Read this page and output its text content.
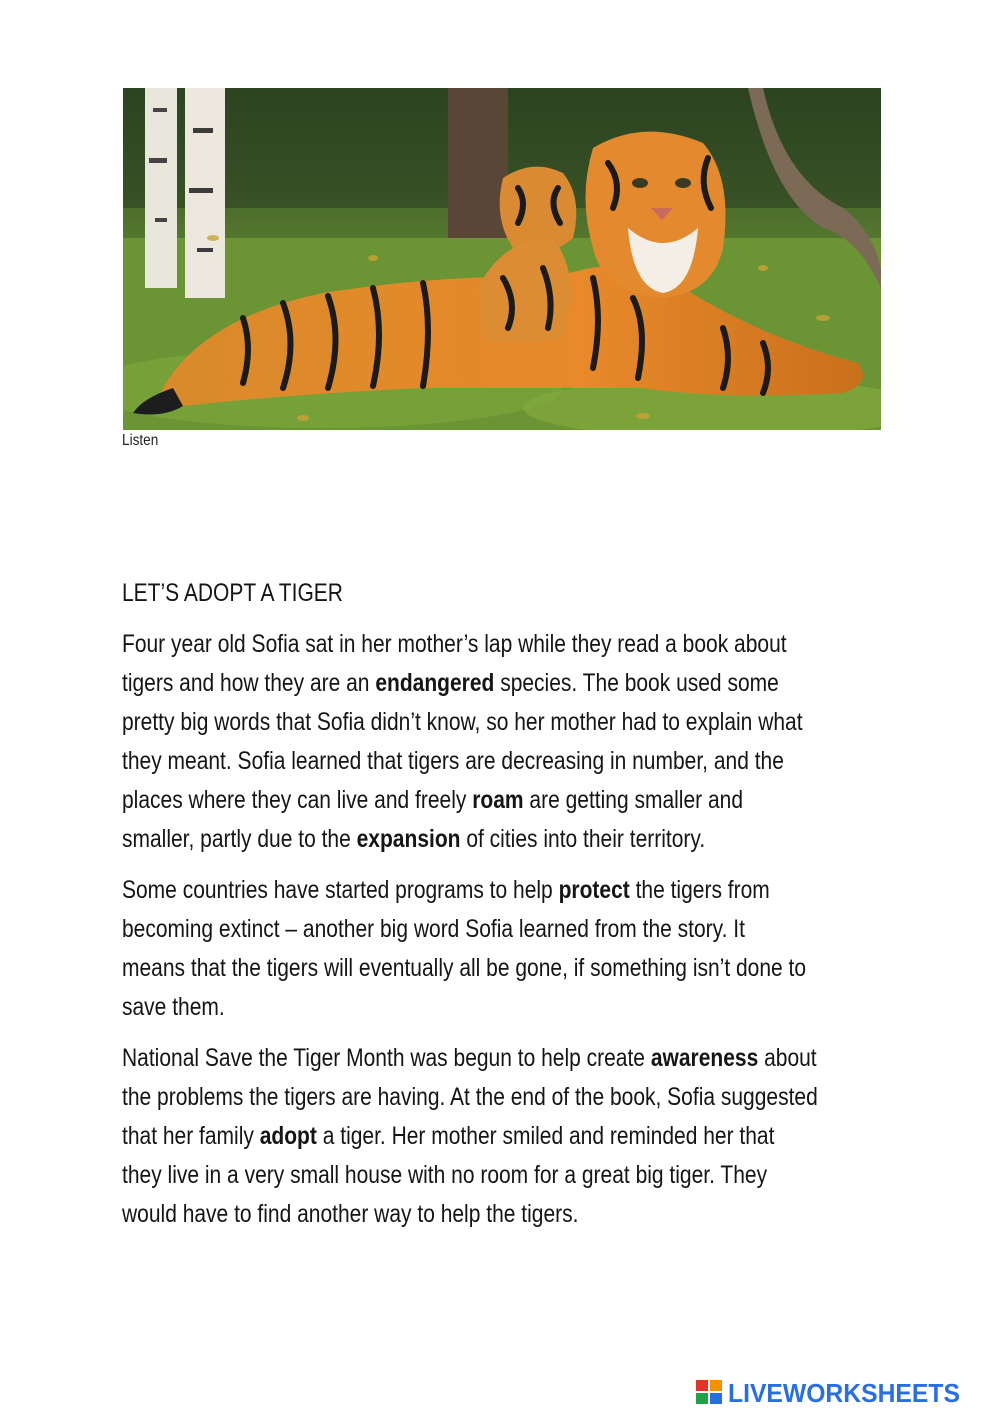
Listen
LET’S ADOPT A TIGER

Four year old Sofia sat in her mother’s lap while they read a book about
tigers and how they are an endangered species. The book used some
pretty big words that Sofia didn’t know, so her mother had to explain what
they meant. Sofia learned that tigers are decreasing in number, and the
places where they can live and freely roam are getting smaller and
smaller, partly due to the expansion of cities into their territory.

Some countries have started programs to help protect the tigers from
becoming extinct – another big word Sofia learned from the story. It
means that the tigers will eventually all be gone, if something isn’t done to
save them.

National Save the Tiger Month was begun to help create awareness about
the problems the tigers are having. At the end of the book, Sofia suggested
that her family adopt a tiger. Her mother smiled and reminded her that
they live in a very small house with no room for a great big tiger. They
would have to find another way to help the tigers.

LIVEWORKSHEETS
